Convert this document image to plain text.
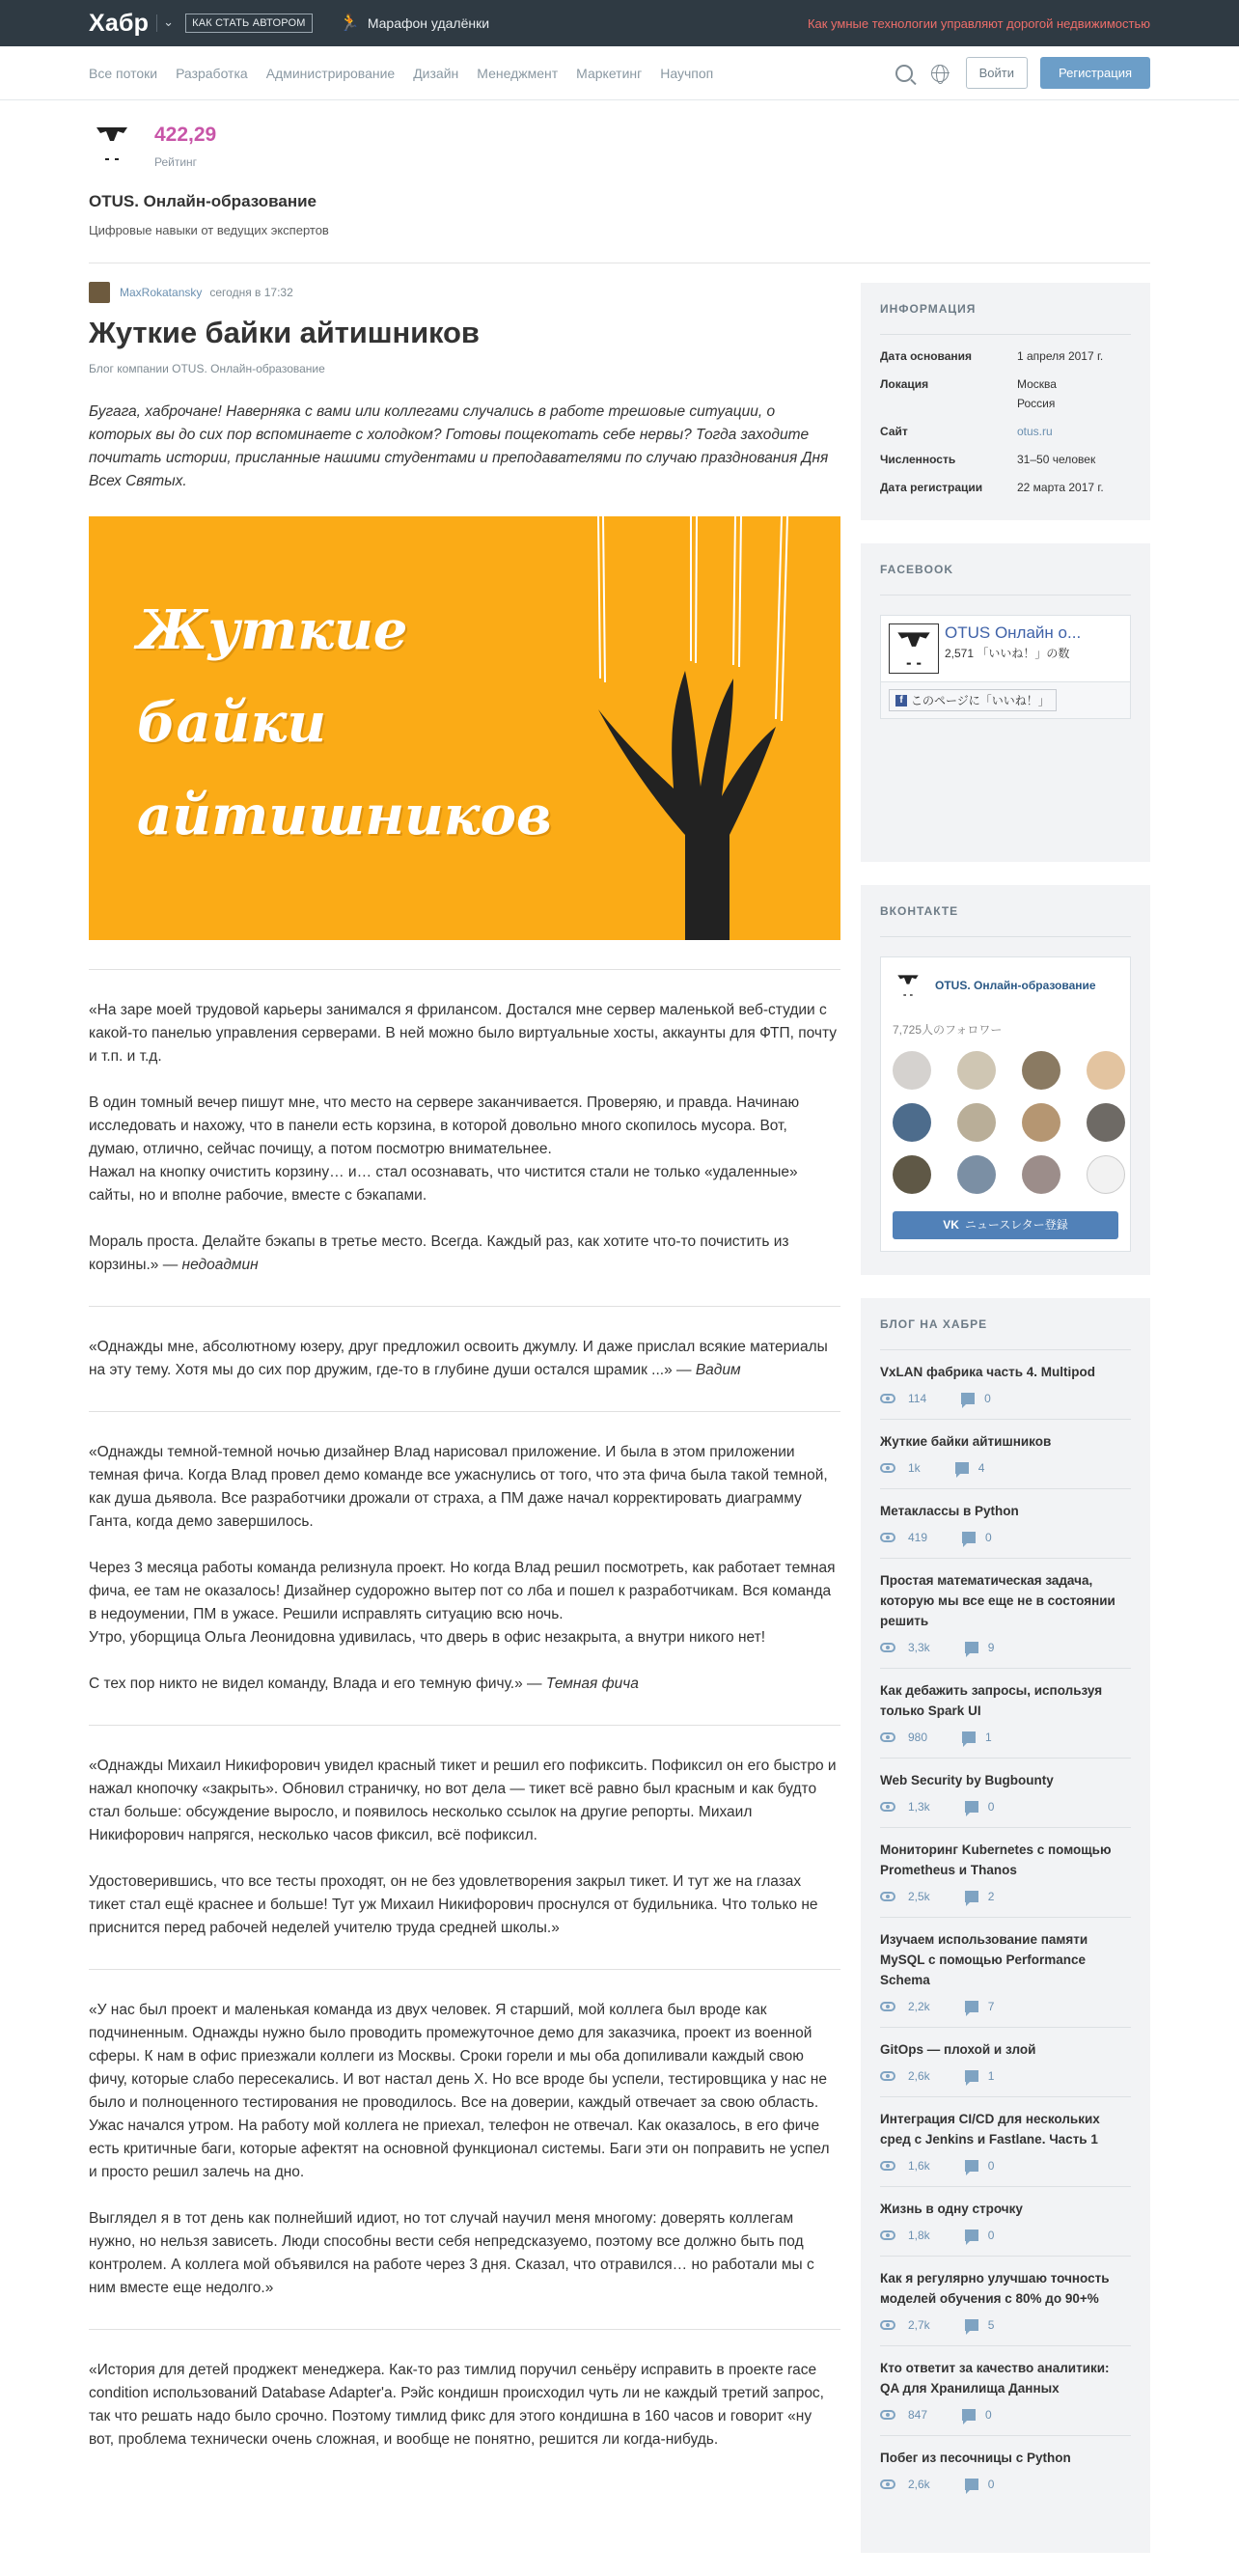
Хабр	⌄	КАК СТАТЬ АВТОРОМ	🏃 Марафон удалёнки	Как умные технологии управляют дорогой недвижимостью
Все потоки Разработка Администрирование Дизайн Менеджмент Маркетинг Научпоп	Войти	Регистрация
422,29
Рейтинг
OTUS. Онлайн-образование
Цифровые навыки от ведущих экспертов
MaxRokatansky сегодня в 17:32
Жуткие байки айтишников
Блог компании OTUS. Онлайн-образование
Бугага, хаброчане! Наверняка с вами или коллегами случались в работе трешовые ситуации, о которых вы до сих пор вспоминаете с холодком? Готовы пощекотать себе нервы? Тогда заходите почитать истории, присланные нашими студентами и преподавателями по случаю празднования Дня Всех Святых.
Жуткие
байки
айтишников

«На заре моей трудовой карьеры занимался я фрилансом. Достался мне сервер маленькой веб-студии с какой-то панелью управления серверами. В ней можно было виртуальные хосты, аккаунты для ФТП, почту и т.п. и т.д.

В один томный вечер пишут мне, что место на сервере заканчивается. Проверяю, и правда. Начинаю исследовать и нахожу, что в панели есть корзина, в которой довольно много скопилось мусора. Вот, думаю, отлично, сейчас почищу, а потом посмотрю внимательнее.
Нажал на кнопку очистить корзину… и… стал осознавать, что чистится стали не только «удаленные» сайты, но и вполне рабочие, вместе с бэкапами.

Мораль проста. Делайте бэкапы в третье место. Всегда. Каждый раз, как хотите что-то почистить из корзины.» — недоадмин

«Однажды мне, абсолютному юзеру, друг предложил освоить джумлу. И даже прислал всякие материалы на эту тему. Хотя мы до сих пор дружим, где-то в глубине души остался шрамик ...» — Вадим

«Однажды темной-темной ночью дизайнер Влад нарисовал приложение. И была в этом приложении темная фича. Когда Влад провел демо команде все ужаснулись от того, что эта фича была такой темной, как душа дьявола. Все разработчики дрожали от страха, а ПМ даже начал корректировать диаграмму Ганта, когда демо завершилось.

Через 3 месяца работы команда релизнула проект. Но когда Влад решил посмотреть, как работает темная фича, ее там не оказалось! Дизайнер судорожно вытер пот со лба и пошел к разработчикам. Вся команда в недоумении, ПМ в ужасе. Решили исправлять ситуацию всю ночь.
Утро, уборщица Ольга Леонидовна удивилась, что дверь в офис незакрыта, а внутри никого нет!

С тех пор никто не видел команду, Влада и его темную фичу.» — Темная фича

«Однажды Михаил Никифорович увидел красный тикет и решил его пофиксить. Пофиксил он его быстро и нажал кнопочку «закрыть». Обновил страничку, но вот дела — тикет всё равно был красным и как будто стал больше: обсуждение выросло, и появилось несколько ссылок на другие репорты. Михаил Никифорович напрягся, несколько часов фиксил, всё пофиксил.

Удостоверившись, что все тесты проходят, он не без удовлетворения закрыл тикет. И тут же на глазах тикет стал ещё краснее и больше! Тут уж Михаил Никифорович проснулся от будильника. Что только не приснится перед рабочей неделей учителю труда средней школы.»

«У нас был проект и маленькая команда из двух человек. Я старший, мой коллега был вроде как подчиненным. Однажды нужно было проводить промежуточное демо для заказчика, проект из военной сферы. К нам в офис приезжали коллеги из Москвы. Сроки горели и мы оба допиливали каждый свою фичу, которые слабо пересекались. И вот настал день Х. Но все вроде бы успели, тестировщика у нас не было и полноценного тестирования не проводилось. Все на доверии, каждый отвечает за свою область. Ужас начался утром. На работу мой коллега не приехал, телефон не отвечал. Как оказалось, в его фиче есть критичные баги, которые афектят на основной функционал системы. Баги эти он поправить не успел и просто решил залечь на дно.

Выглядел я в тот день как полнейший идиот, но тот случай научил меня многому: доверять коллегам нужно, но нельзя зависеть. Люди способны вести себя непредсказуемо, поэтому все должно быть под контролем. А коллега мой объявился на работе через 3 дня. Сказал, что отравился… но работали мы с ним вместе еще недолго.»

«История для детей проджект менеджера. Как-то раз тимлид поручил сеньёру исправить в проекте race condition использований Database Adapter'а. Рэйс кондишн происходил чуть ли не каждый третий запрос, так что решать надо было срочно. Поэтому тимлид фикс для этого кондишна в 160 часов и говорит «ну вот, проблема технически очень сложная, и вообще не понятно, решится ли когда-нибудь.

ИНФОРМАЦИЯ
Дата основания	1 апреля 2017 г.
Локация	Москва
Россия
Сайт	otus.ru
Численность	31–50 человек
Дата регистрации	22 марта 2017 г.
FACEBOOK
OTUS Онлайн о...
2,571 「いいね！」の数
f このページに「いいね！」
ВКОНТАКТЕ
OTUS. Онлайн-образование
7,725人のフォロワー
VK ニュースレター登録
БЛОГ НА ХАБРЕ
VxLAN фабрика часть 4. Multipod
114	0
Жуткие байки айтишников
1k	4
Метаклассы в Python
419	0
Простая математическая задача, которую мы все еще не в состоянии решить
3,3k	9
Как дебажить запросы, используя только Spark UI
980	1
Web Security by Bugbounty
1,3k	0
Мониторинг Kubernetes с помощью Prometheus и Thanos
2,5k	2
Изучаем использование памяти MySQL с помощью Performance Schema
2,2k	7
GitOps — плохой и злой
2,6k	1
Интеграция CI/CD для нескольких сред с Jenkins и Fastlane. Часть 1
1,6k	0
Жизнь в одну строчку
1,8k	0
Как я регулярно улучшаю точность моделей обучения с 80% до 90+%
2,7k	5
Кто ответит за качество аналитики: QA для Хранилища Данных
847	0
Побег из песочницы с Python
2,6k	0
